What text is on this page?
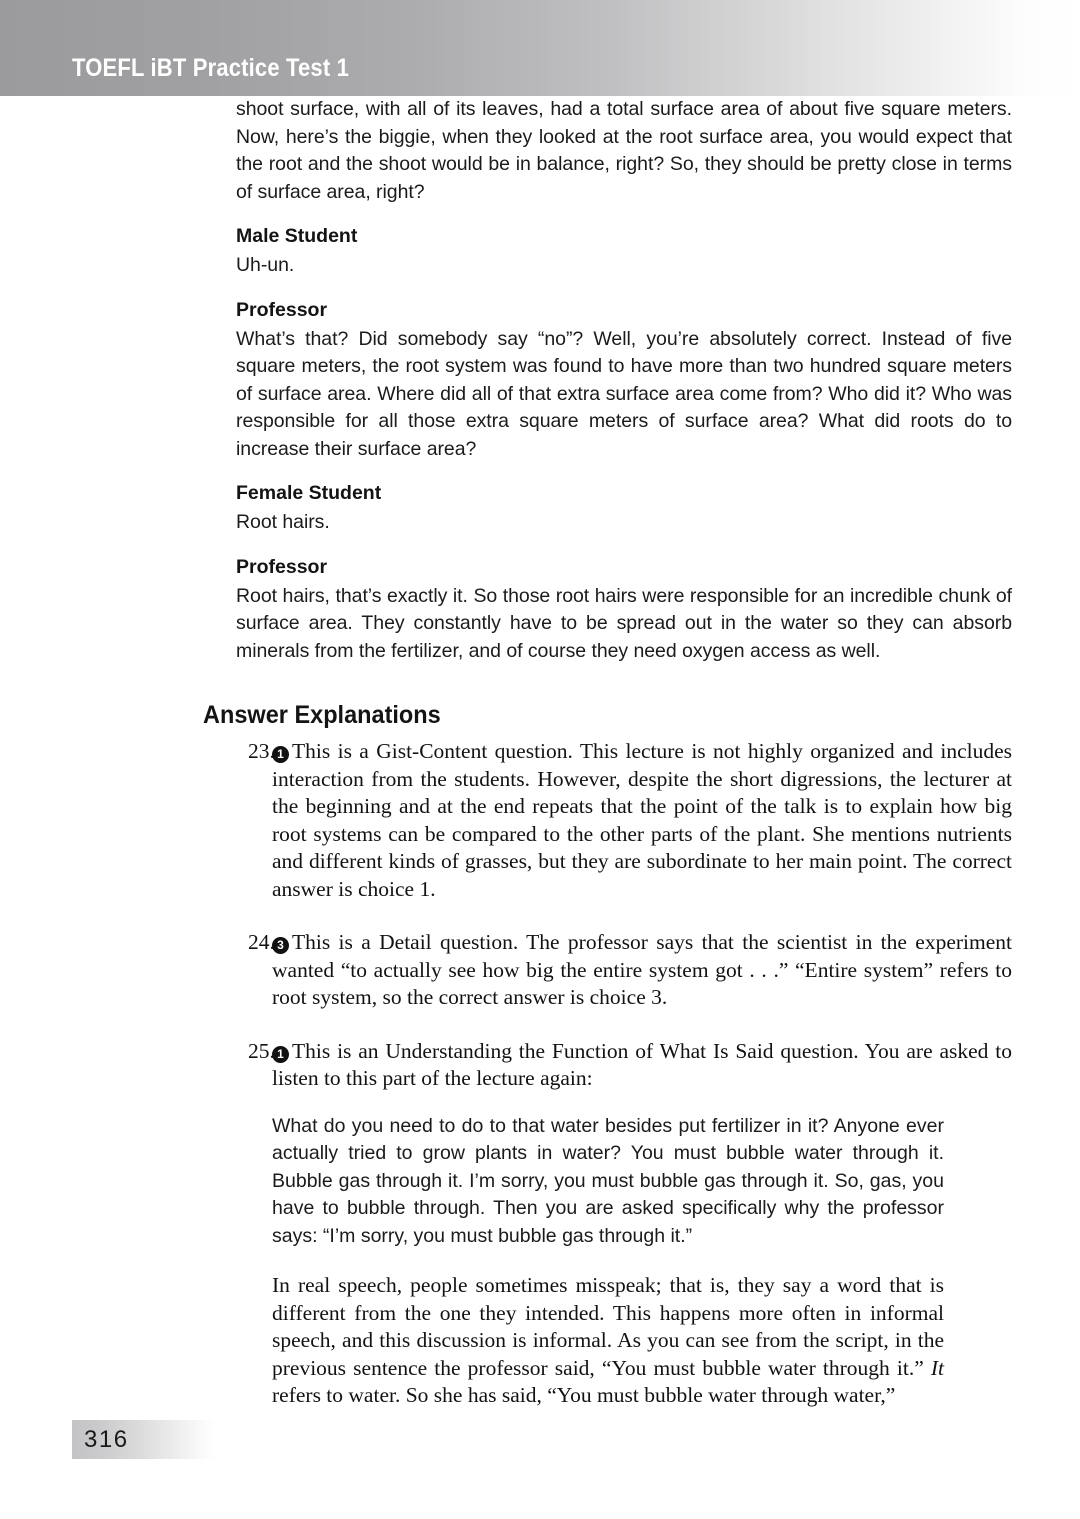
TOEFL iBT Practice Test 1

shoot surface, with all of its leaves, had a total surface area of about five square meters. Now, here’s the biggie, when they looked at the root surface area, you would expect that the root and the shoot would be in balance, right? So, they should be pretty close in terms of surface area, right?

Male Student

Uh-un.

Professor

What’s that? Did somebody say “no”? Well, you’re absolutely correct. Instead of five square meters, the root system was found to have more than two hundred square meters of surface area. Where did all of that extra surface area come from? Who did it? Who was responsible for all those extra square meters of surface area? What did roots do to increase their surface area?

Female Student

Root hairs.

Professor

Root hairs, that’s exactly it. So those root hairs were responsible for an incredible chunk of surface area. They constantly have to be spread out in the water so they can absorb minerals from the fertilizer, and of course they need oxygen access as well.

Answer Explanations
23. 1 This is a Gist-Content question. This lecture is not highly organized and includes interaction from the students. However, despite the short digressions, the lecturer at the beginning and at the end repeats that the point of the talk is to explain how big root systems can be compared to the other parts of the plant. She mentions nutrients and different kinds of grasses, but they are subordinate to her main point. The correct answer is choice 1.
24. 3 This is a Detail question. The professor says that the scientist in the experiment wanted “to actually see how big the entire system got . . .” “Entire system” refers to root system, so the correct answer is choice 3.
25. 1 This is an Understanding the Function of What Is Said question. You are asked to listen to this part of the lecture again:

What do you need to do to that water besides put fertilizer in it? Anyone ever actually tried to grow plants in water? You must bubble water through it. Bubble gas through it. I’m sorry, you must bubble gas through it. So, gas, you have to bubble through. Then you are asked specifically why the professor says: “I’m sorry, you must bubble gas through it.”

In real speech, people sometimes misspeak; that is, they say a word that is different from the one they intended. This happens more often in informal speech, and this discussion is informal. As you can see from the script, in the previous sentence the professor said, “You must bubble water through it.” It refers to water. So she has said, “You must bubble water through water,”

316
